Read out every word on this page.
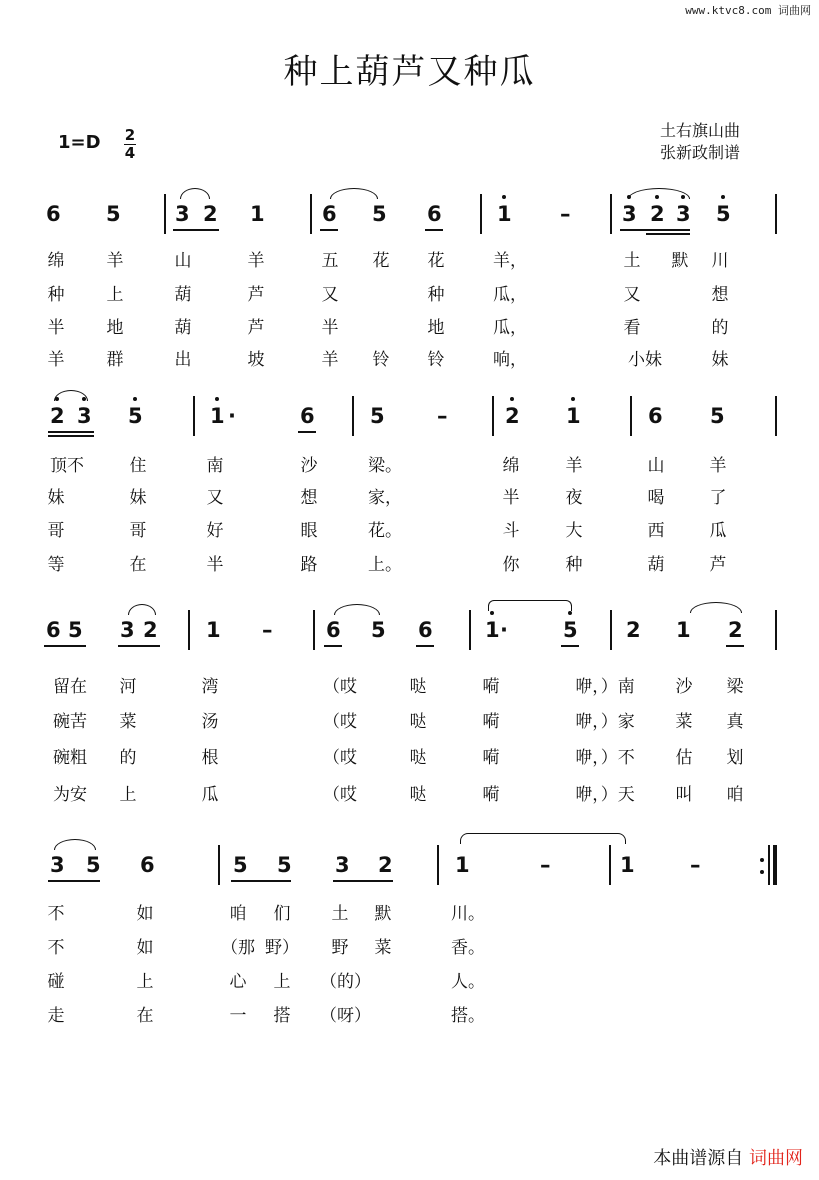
www.ktvc8.com 词曲网
种上葫芦又种瓜
1=D 2
4
土右旗山曲
张新政制谱
6 5	3 2 1	6 5 6	1 – 3 2 3 5
绵	羊	山	羊	五	花	花	羊，	土	默	川
种	上	葫	芦	又	种	瓜，	又	想
半	地	葫	芦	半	地	瓜，	看	的
羊	群	出	坡	羊	铃	铃	响，	小妹	妹
2 3 5	1 ·	6	5 –	2 1	6 5
顶不	住	南	沙	梁。	绵	羊	山	羊
妹	妹	又	想	家，	半	夜	喝	了
哥	哥	好	眼	花。	斗	大	西	瓜
等	在	半	路	上。	你	种	葫	芦
6 5 3 2 1 –	6 5 6 1 ·	5 2 1 2
留在	河	湾	（哎	哒	嗬	咿，）南	沙	梁
碗苦	菜	汤	（哎	哒	嗬	咿，）家	菜	真
碗粗	的	根	（哎	哒	嗬	咿，）不	估	划
为安	上	瓜	（哎	哒	嗬	咿，）天	叫	咱
3 5 6	5 5 3 2	1	–	1	–
不	如	咱	们	土	默	川。
不	如	（那 野）	野	菜	香。
碰	上	心	上	（的）	人。
走	在	一	搭	（呀）	搭。
本曲谱源自 词曲网
